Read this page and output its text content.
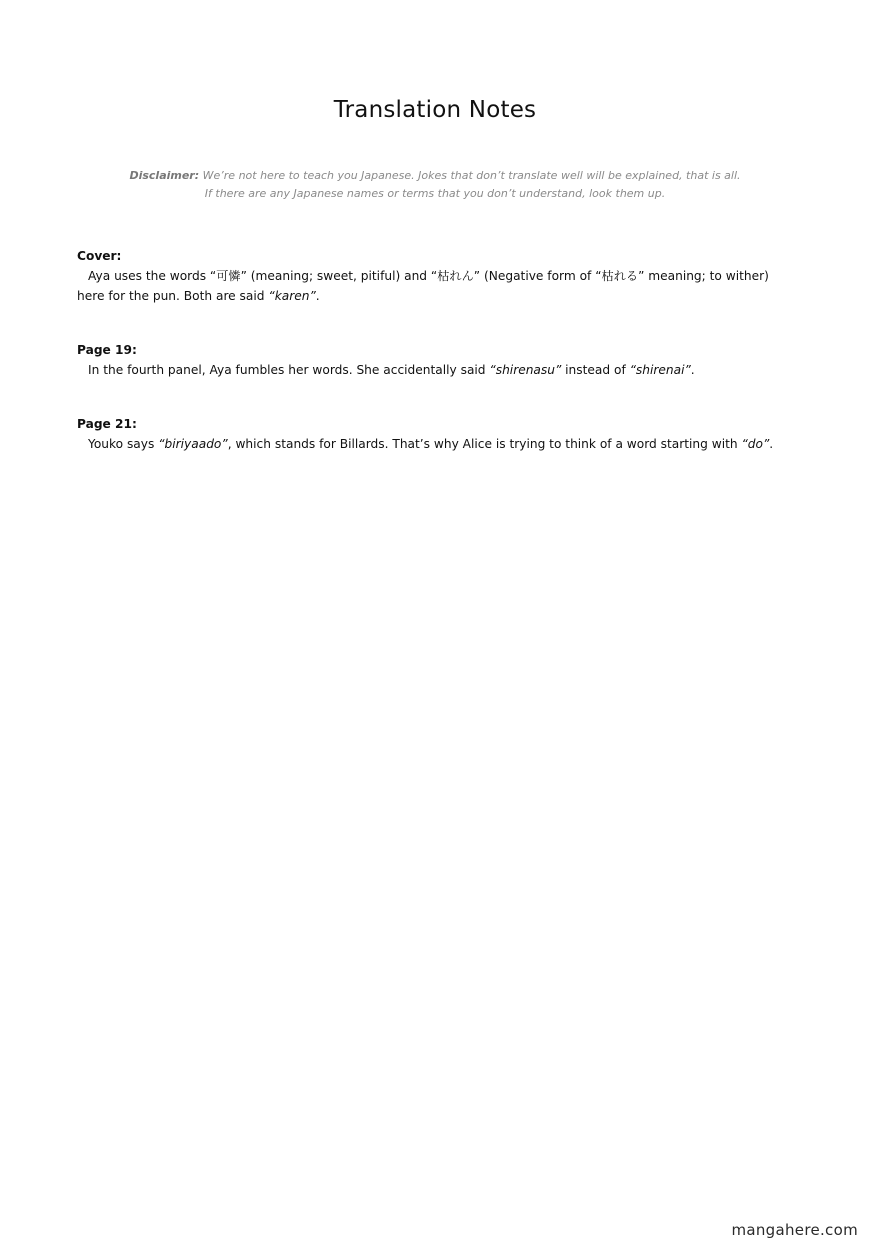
Translation Notes
Disclaimer: We’re not here to teach you Japanese. Jokes that don’t translate well will be explained, that is all.
If there are any Japanese names or terms that you don’t understand, look them up.
Cover:
Aya uses the words “可憐” (meaning; sweet, pitiful) and “枯れん” (Negative form of “枯れる” meaning; to wither) here for the pun. Both are said “karen”.
Page 19:
In the fourth panel, Aya fumbles her words. She accidentally said “shirenasu” instead of “shirenai”.
Page 21:
Youko says “biriyaado”, which stands for Billards. That’s why Alice is trying to think of a word starting with “do”.
mangahere.com
